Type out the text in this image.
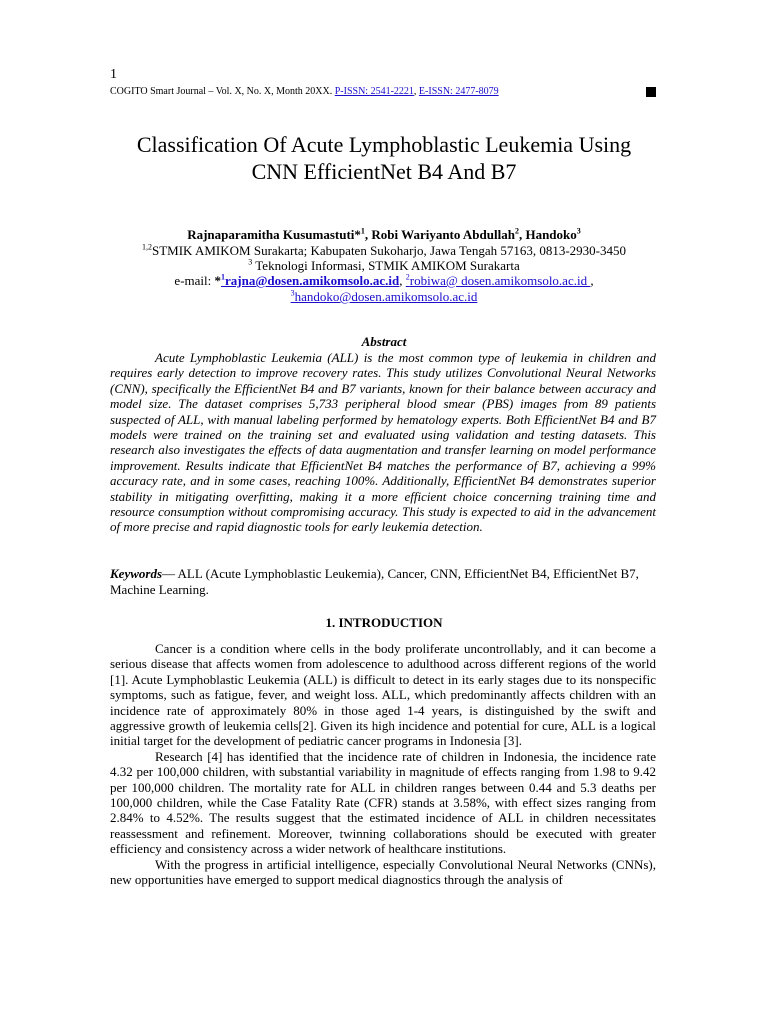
1
COGITO Smart Journal – Vol. X, No. X, Month 20XX. P-ISSN: 2541-2221, E-ISSN: 2477-8079
Classification Of Acute Lymphoblastic Leukemia Using
CNN EfficientNet B4 And B7
Rajnaparamitha Kusumastuti*$^1$, Robi Wariyanto Abdullah$^2$, Handoko$^3$
$^{1,2}$STMIK AMIKOM Surakarta; Kabupaten Sukoharjo, Jawa Tengah 57163, 0813-2930-3450
$^3$ Teknologi Informasi, STMIK AMIKOM Surakarta
e-mail: *$^1$rajna@dosen.amikomsolo.ac.id, $^2$robiwa@ dosen.amikomsolo.ac.id ,
$^3$handoko@dosen.amikomsolo.ac.id
Abstract

Acute Lymphoblastic Leukemia (ALL) is the most common type of leukemia in children and requires early detection to improve recovery rates. This study utilizes Convolutional Neural Networks (CNN), specifically the EfficientNet B4 and B7 variants, known for their balance between accuracy and model size. The dataset comprises 5,733 peripheral blood smear (PBS) images from 89 patients suspected of ALL, with manual labeling performed by hematology experts. Both EfficientNet B4 and B7 models were trained on the training set and evaluated using validation and testing datasets. This research also investigates the effects of data augmentation and transfer learning on model performance improvement. Results indicate that EfficientNet B4 matches the performance of B7, achieving a 99% accuracy rate, and in some cases, reaching 100%. Additionally, EfficientNet B4 demonstrates superior stability in mitigating overfitting, making it a more efficient choice concerning training time and resource consumption without compromising accuracy. This study is expected to aid in the advancement of more precise and rapid diagnostic tools for early leukemia detection.

Keywords— ALL (Acute Lymphoblastic Leukemia), Cancer, CNN, EfficientNet B4, EfficientNet B7, Machine Learning.

1. INTRODUCTION

Cancer is a condition where cells in the body proliferate uncontrollably, and it can become a serious disease that affects women from adolescence to adulthood across different regions of the world [1]. Acute Lymphoblastic Leukemia (ALL) is difficult to detect in its early stages due to its nonspecific symptoms, such as fatigue, fever, and weight loss. ALL, which predominantly affects children with an incidence rate of approximately 80% in those aged 1-4 years, is distinguished by the swift and aggressive growth of leukemia cells[2]. Given its high incidence and potential for cure, ALL is a logical initial target for the development of pediatric cancer programs in Indonesia [3].

Research [4] has identified that the incidence rate of children in Indonesia, the incidence rate 4.32 per 100,000 children, with substantial variability in magnitude of effects ranging from 1.98 to 9.42 per 100,000 children. The mortality rate for ALL in children ranges between 0.44 and 5.3 deaths per 100,000 children, while the Case Fatality Rate (CFR) stands at 3.58%, with effect sizes ranging from 2.84% to 4.52%. The results suggest that the estimated incidence of ALL in children necessitates reassessment and refinement. Moreover, twinning collaborations should be executed with greater efficiency and consistency across a wider network of healthcare institutions.

With the progress in artificial intelligence, especially Convolutional Neural Networks (CNNs), new opportunities have emerged to support medical diagnostics through the analysis of
